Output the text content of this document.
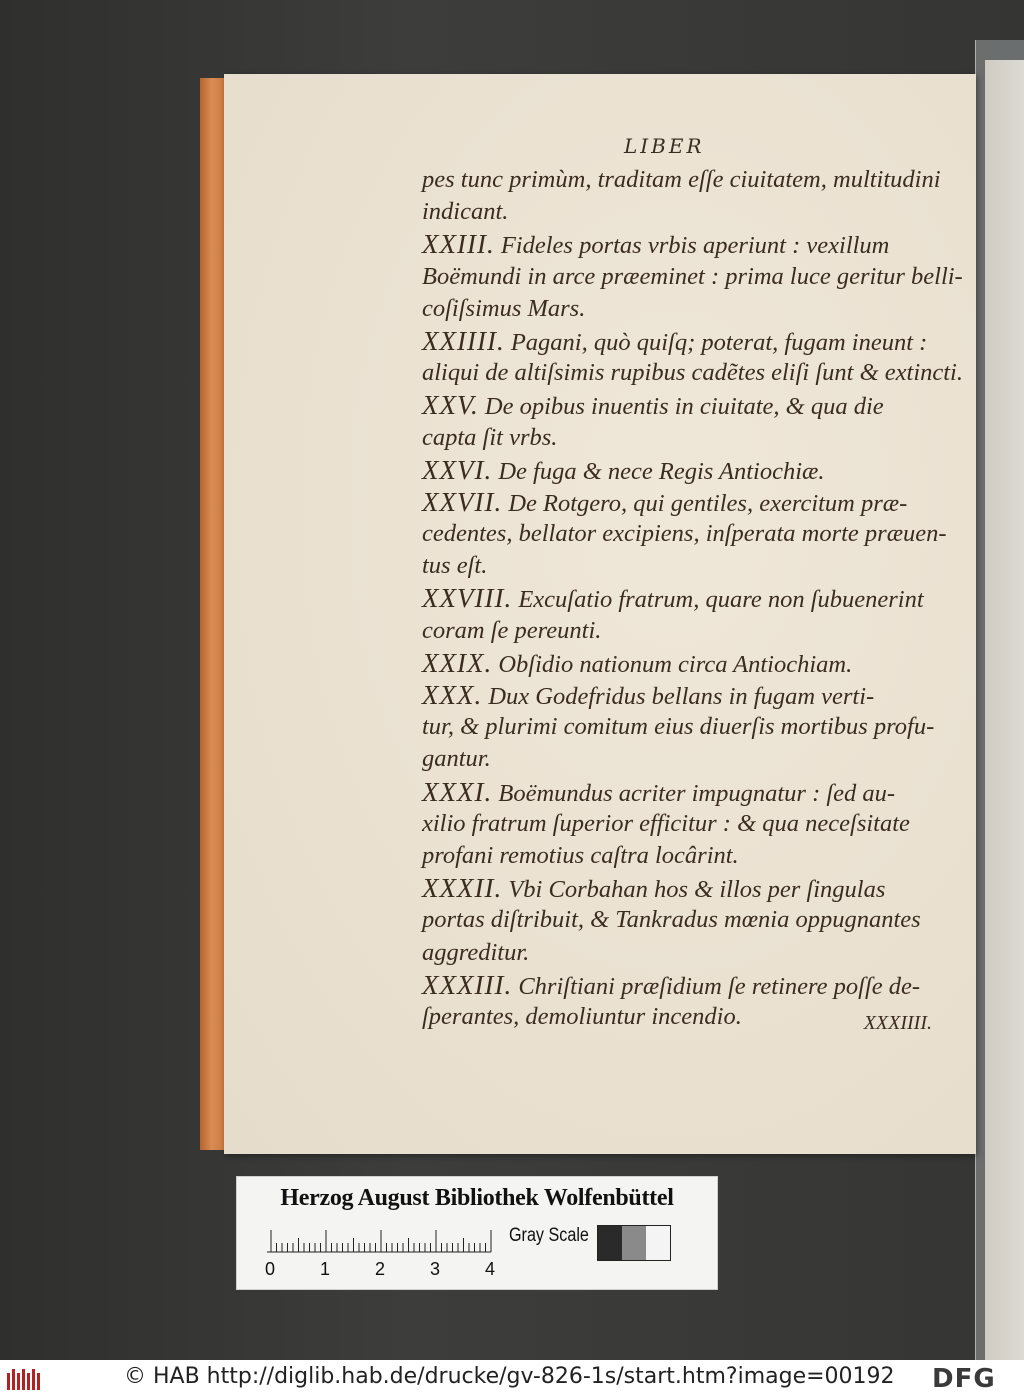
LIBER
pes tunc primùm, traditam eſſe ciuitatem, multitudini
indicant.
XXIII. Fideles portas vrbis aperiunt : vexillum
Boëmundi in arce præeminet : prima luce geritur belli-
coſiſsimus Mars.
XXIIII. Pagani, quò quiſq; poterat, fugam ineunt :
aliqui de altiſsimis rupibus cadẽtes eliſi ſunt & extincti.
XXV. De opibus inuentis in ciuitate, & qua die
capta ſit vrbs.
XXVI. De fuga & nece Regis Antiochiæ.
XXVII. De Rotgero, qui gentiles, exercitum præ-
cedentes, bellator excipiens, inſperata morte præuen-
tus eſt.
XXVIII. Excuſatio fratrum, quare non ſubuenerint
coram ſe pereunti.
XXIX. Obſidio nationum circa Antiochiam.
XXX. Dux Godefridus bellans in fugam verti-
tur, & plurimi comitum eius diuerſis mortibus profu-
gantur.
XXXI. Boëmundus acriter impugnatur : ſed au-
xilio fratrum ſuperior efficitur : & qua neceſsitate
profani remotius caſtra locârint.
XXXII. Vbi Corbahan hos & illos per ſingulas
portas diſtribuit, & Tankradus mœnia oppugnantes
aggreditur.
XXXIII. Chriſtiani præſidium ſe retinere poſſe de-
ſperantes, demoliuntur incendio.	XXXIIII.
Herzog August Bibliothek Wolfenbüttel
0 1 2 3 4
Gray Scale
© HAB http://diglib.hab.de/drucke/gv-826-1s/start.htm?image=00192 DFG
